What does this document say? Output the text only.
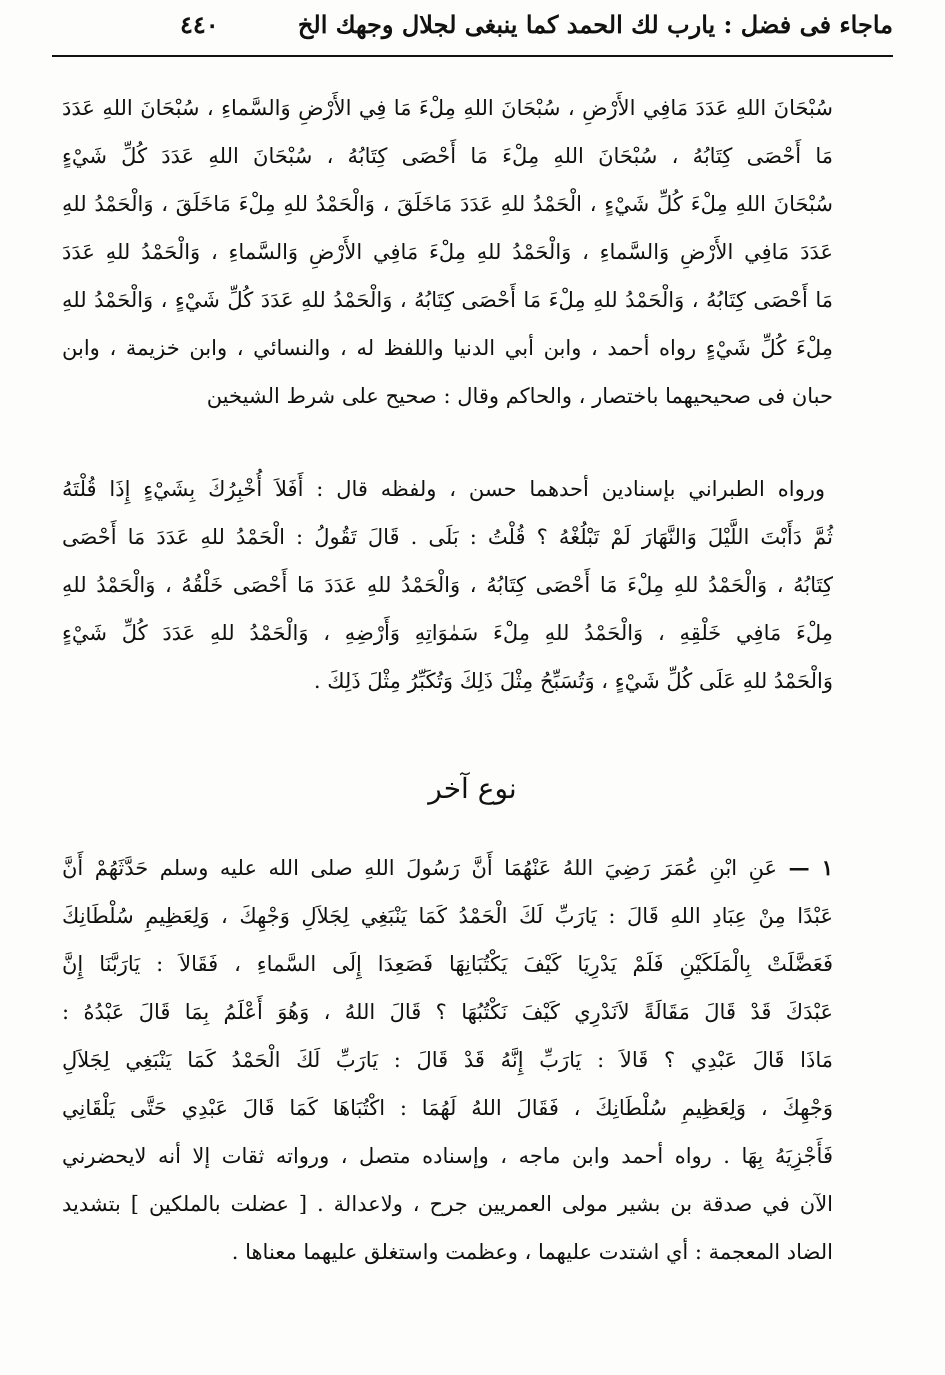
ماجاء فى فضل : يارب لك الحمد كما ينبغى لجلال وجهك الخ
٤٤٠
سُبْحَانَ اللهِ عَدَدَ مَافِي الأَرْضِ ، سُبْحَانَ اللهِ مِلْءَ مَا فِي الأَرْضِ وَالسَّماءِ ، سُبْحَانَ اللهِ عَدَدَ
مَا أَحْصَى كِتَابُهُ ، سُبْحَانَ اللهِ مِلْءَ مَا أَحْصَى كِتَابُهُ ، سُبْحَانَ اللهِ عَدَدَ كُلِّ شَيْءٍ
سُبْحَانَ اللهِ مِلْءَ كُلِّ شَيْءٍ ، الْحَمْدُ للهِ عَدَدَ مَاخَلَقَ ، وَالْحَمْدُ للهِ مِلْءَ مَاخَلَقَ ، وَالْحَمْدُ للهِ
عَدَدَ مَافِي الأَرْضِ وَالسَّماءِ ، وَالْحَمْدُ للهِ مِلْءَ مَافِي الأَرْضِ وَالسَّماءِ ، وَالْحَمْدُ للهِ عَدَدَ
مَا أَحْصَى كِتَابُهُ ، وَالْحَمْدُ للهِ مِلْءَ مَا أَحْصَى كِتَابُهُ ، وَالْحَمْدُ للهِ عَدَدَ كُلِّ شَيْءٍ ، وَالْحَمْدُ للهِ
مِلْءَ كُلِّ شَيْءٍ رواه أحمد ، وابن أبي الدنيا واللفظ له ، والنسائي ، وابن خزيمة ، وابن
حبان فى صحيحيهما باختصار ، والحاكم وقال : صحيح على شرط الشيخين
ورواه الطبراني بإسنادين أحدهما حسن ، ولفظه قال : أَفَلاَ أُخْبِرُكَ بِشَيْءٍ إِذَا قُلْتَهُ
ثُمَّ دَأَبْتَ اللَّيْلَ وَالنَّهَارَ لَمْ تَبْلُغْهُ ؟ قُلْتُ : بَلَى . قَالَ تَقُولُ : الْحَمْدُ للهِ عَدَدَ مَا أَحْصَى
كِتَابُهُ ، وَالْحَمْدُ للهِ مِلْءَ مَا أَحْصَى كِتَابُهُ ، وَالْحَمْدُ للهِ عَدَدَ مَا أَحْصَى خَلْقُهُ ، وَالْحَمْدُ للهِ
مِلْءَ مَافِي خَلْقِهِ ، وَالْحَمْدُ للهِ مِلْءَ سَمٰوَاتِهِ وَأَرْضِهِ ، وَالْحَمْدُ للهِ عَدَدَ كُلِّ شَيْءٍ
وَالْحَمْدُ للهِ عَلَى كُلِّ شَيْءٍ ، وَتُسَبِّحُ مِثْلَ ذَلِكَ وَتُكَبِّرُ مِثْلَ ذَلِكَ .
نوع آخر
١ — عَنِ ابْنِ عُمَرَ رَضِيَ اللهُ عَنْهُمَا أَنَّ رَسُولَ اللهِ صلى الله عليه وسلم حَدَّثَهُمْ أَنَّ
عَبْدًا مِنْ عِبَادِ اللهِ قَالَ : يَارَبِّ لَكَ الْحَمْدُ كَمَا يَنْبَغِي لِجَلاَلِ وَجْهِكَ ، وَلِعَظِيمِ سُلْطَانِكَ
فَعَضَّلَتْ بِالْمَلَكَيْنِ فَلَمْ يَدْرِيَا كَيْفَ يَكْتُبَانِهَا فَصَعِدَا إِلَى السَّماءِ ، فَقَالاَ : يَارَبَّنَا إِنَّ
عَبْدَكَ قَدْ قَالَ مَقَالَةً لاَنَدْرِي كَيْفَ نَكْتُبُهَا ؟ قَالَ اللهُ ، وَهُوَ أَعْلَمُ بِمَا قَالَ عَبْدُهُ :
مَاذَا قَالَ عَبْدِي ؟ قَالاَ : يَارَبِّ إِنَّهُ قَدْ قَالَ : يَارَبِّ لَكَ الْحَمْدُ كَمَا يَنْبَغِي لِجَلاَلِ
وَجْهِكَ ، وَلِعَظِيمِ سُلْطَانِكَ ، فَقَالَ اللهُ لَهُمَا : اكْتُبَاهَا كَمَا قَالَ عَبْدِي حَتَّى يَلْقَانِي
فَأَجْزِيَهُ بِهَا . رواه أحمد وابن ماجه ، وإسناده متصل ، ورواته ثقات إلا أنه لايحضرني
الآن في صدقة بن بشير مولى العمريين جرح ، ولاعدالة . [ عضلت بالملكين ] بتشديد
الضاد المعجمة : أي اشتدت عليهما ، وعظمت واستغلق عليهما معناها .
